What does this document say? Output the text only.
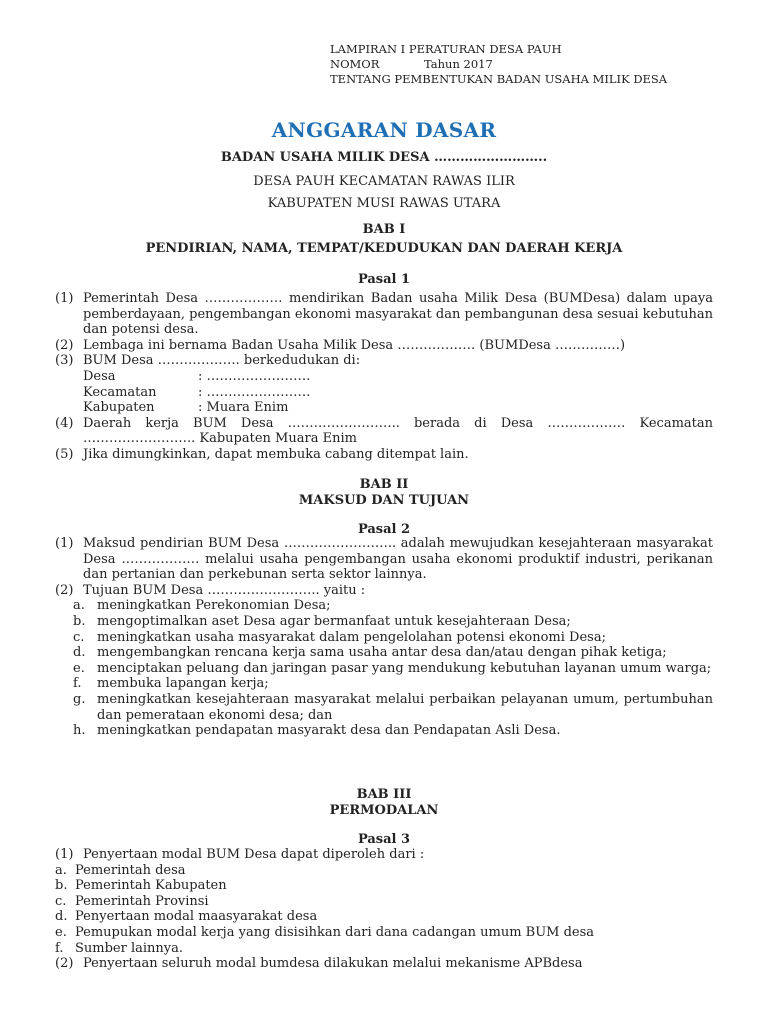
LAMPIRAN I PERATURAN DESA PAUH
NOMOR	Tahun 2017
TENTANG PEMBENTUKAN BADAN USAHA MILIK DESA
ANGGARAN DASAR
BADAN USAHA MILIK DESA ……………………..
DESA PAUH KECAMATAN RAWAS ILIR
KABUPATEN MUSI RAWAS UTARA
BAB I
PENDIRIAN, NAMA, TEMPAT/KEDUDUKAN DAN DAERAH KERJA
Pasal 1
(1) Pemerintah Desa ……………… mendirikan Badan usaha Milik Desa (BUMDesa) dalam upaya pemberdayaan, pengembangan ekonomi masyarakat dan pembangunan desa sesuai kebutuhan dan potensi desa.
(2) Lembaga ini bernama Badan Usaha Milik Desa ……………… (BUMDesa ……………)
(3) BUM Desa ………………. berkedudukan di:
Desa	: ……………………
Kecamatan	: ……………………
Kabupaten	: Muara Enim
(4) Daerah kerja BUM Desa …………………….. berada di Desa ……………… Kecamatan …………………….. Kabupaten Muara Enim
(5) Jika dimungkinkan, dapat membuka cabang ditempat lain.
BAB II
MAKSUD DAN TUJUAN
Pasal 2
(1) Maksud pendirian BUM Desa …………………….. adalah mewujudkan kesejahteraan masyarakat Desa ……………… melalui usaha pengembangan usaha ekonomi produktif industri, perikanan dan pertanian dan perkebunan serta sektor lainnya.
(2) Tujuan BUM Desa …………………….. yaitu :
a. meningkatkan Perekonomian Desa;
b. mengoptimalkan aset Desa agar bermanfaat untuk kesejahteraan Desa;
c. meningkatkan usaha masyarakat dalam pengelolahan potensi ekonomi Desa;
d. mengembangkan rencana kerja sama usaha antar desa dan/atau dengan pihak ketiga;
e. menciptakan peluang dan jaringan pasar yang mendukung kebutuhan layanan umum warga;
f. membuka lapangan kerja;
g. meningkatkan kesejahteraan masyarakat melalui perbaikan pelayanan umum, pertumbuhan dan pemerataan ekonomi desa; dan
h. meningkatkan pendapatan masyarakt desa dan Pendapatan Asli Desa.
BAB III
PERMODALAN
Pasal 3
(1) Penyertaan modal BUM Desa dapat diperoleh dari :
a. Pemerintah desa
b. Pemerintah Kabupaten
c. Pemerintah Provinsi
d. Penyertaan modal maasyarakat desa
e. Pemupukan modal kerja yang disisihkan dari dana cadangan umum BUM desa
f. Sumber lainnya.
(2) Penyertaan seluruh modal bumdesa dilakukan melalui mekanisme APBdesa
